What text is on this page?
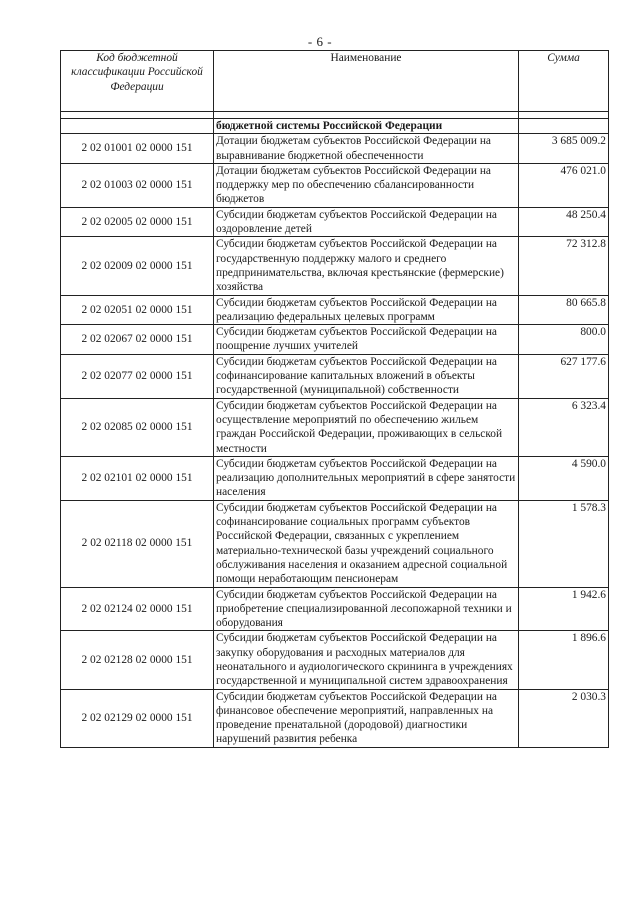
- 6 -
Код бюджетной классификации Российской Федерации	Наименование	Сумма

	бюджетной системы Российской Федерации	
2 02 01001 02 0000 151	Дотации бюджетам субъектов Российской Федерации на выравнивание бюджетной обеспеченности	3 685 009.2
2 02 01003 02 0000 151	Дотации бюджетам субъектов Российской Федерации на поддержку мер по обеспечению сбалансированности бюджетов	476 021.0
2 02 02005 02 0000 151	Субсидии бюджетам субъектов Российской Федерации на оздоровление детей	48 250.4
2 02 02009 02 0000 151	Субсидии бюджетам субъектов Российской Федерации на государственную поддержку малого и среднего предпринимательства, включая крестьянские (фермерские) хозяйства	72 312.8
2 02 02051 02 0000 151	Субсидии бюджетам субъектов Российской Федерации на реализацию федеральных целевых программ	80 665.8
2 02 02067 02 0000 151	Субсидии бюджетам субъектов Российской Федерации на поощрение лучших учителей	800.0
2 02 02077 02 0000 151	Субсидии бюджетам субъектов Российской Федерации на софинансирование капитальных вложений в объекты государственной (муниципальной) собственности	627 177.6
2 02 02085 02 0000 151	Субсидии бюджетам субъектов Российской Федерации на осуществление мероприятий по обеспечению жильем граждан Российской Федерации, проживающих в сельской местности	6 323.4
2 02 02101 02 0000 151	Субсидии бюджетам субъектов Российской Федерации на реализацию дополнительных мероприятий в сфере занятости населения	4 590.0
2 02 02118 02 0000 151	Субсидии бюджетам субъектов Российской Федерации на софинансирование социальных программ субъектов Российской Федерации, связанных с укреплением материально-технической базы учреждений социального обслуживания населения и оказанием адресной социальной помощи неработающим пенсионерам	1 578.3
2 02 02124 02 0000 151	Субсидии бюджетам субъектов Российской Федерации на приобретение специализированной лесопожарной техники и оборудования	1 942.6
2 02 02128 02 0000 151	Субсидии бюджетам субъектов Российской Федерации на закупку оборудования и расходных материалов для неонатального и аудиологического скрининга в учреждениях государственной и муниципальной систем здравоохранения	1 896.6
2 02 02129 02 0000 151	Субсидии бюджетам субъектов Российской Федерации на финансовое обеспечение мероприятий, направленных на проведение пренатальной (дородовой) диагностики нарушений развития ребенка	2 030.3
